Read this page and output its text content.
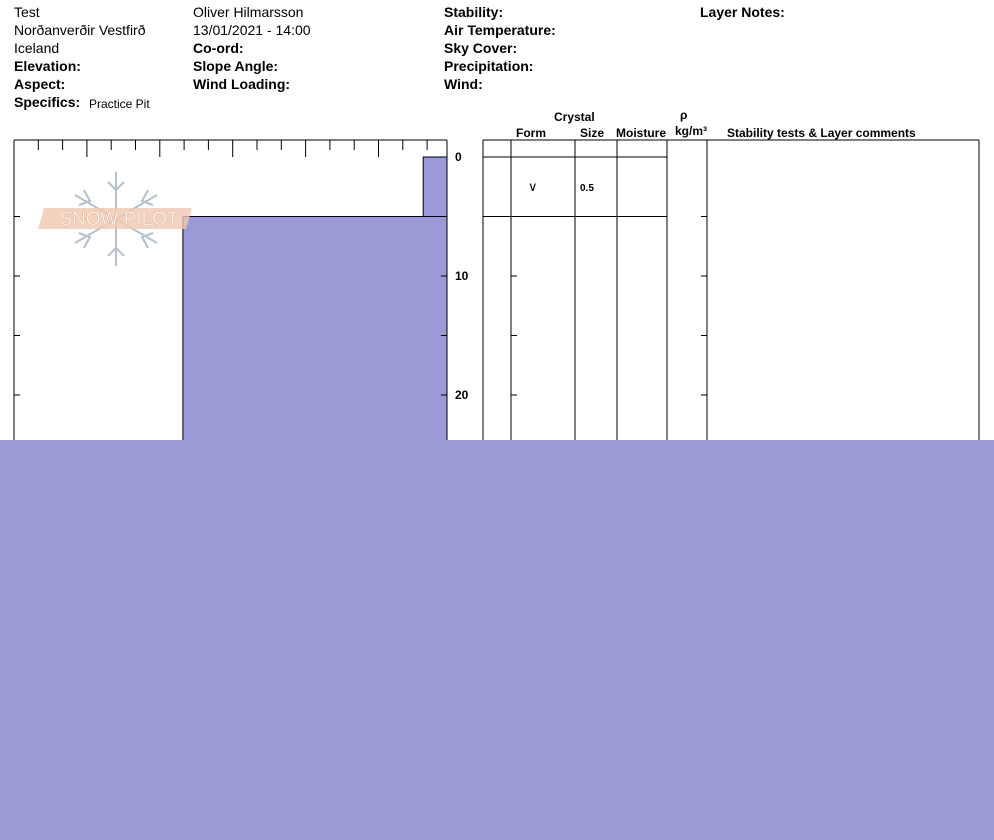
Test
Norðanverðir Vestfirð
Iceland
Elevation:
Aspect:
Specifics: Practice Pit
Oliver Hilmarsson
13/01/2021 - 14:00
Co-ord:
Slope Angle:
Wind Loading:
Stability:
Air Temperature:
Sky Cover:
Precipitation:
Wind:
Layer Notes:
Crystal
Form	Size Moisture
ρ
kg/m³ Stability tests & Layer comments
0
10
20
SNOW PILOT
∨	0.5
